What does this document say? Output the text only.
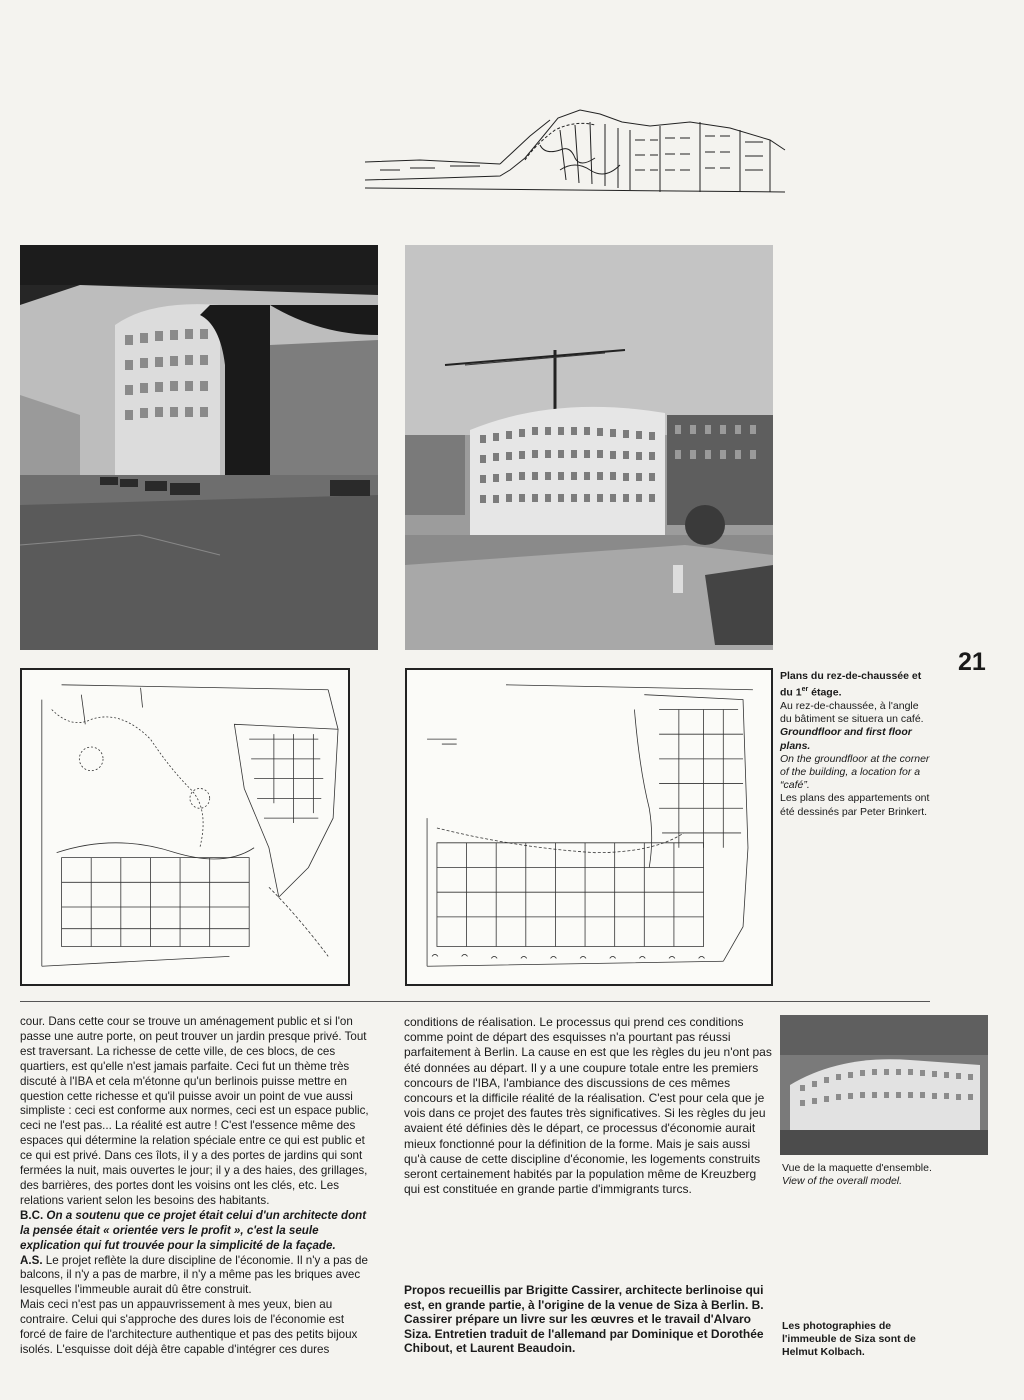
21
Plans du rez-de-chaussée et du 1er étage.
Au rez-de-chaussée, à l'angle du bâtiment se situera un café.
Groundfloor and first floor plans.
On the groundfloor at the corner of the building, a location for a “café”.
Les plans des appartements ont été dessinés par Peter Brinkert.

cour. Dans cette cour se trouve un aménagement public et si l'on passe une autre porte, on peut trouver un jardin presque privé. Tout est traversant. La richesse de cette ville, de ces blocs, de ces quartiers, est qu'elle n'est jamais parfaite. Ceci fut un thème très discuté à l'IBA et cela m'étonne qu'un berlinois puisse mettre en question cette richesse et qu'il puisse avoir un point de vue aussi simpliste : ceci est conforme aux normes, ceci est un espace public, ceci ne l'est pas... La réalité est autre ! C'est l'essence même des espaces qui détermine la relation spéciale entre ce qui est public et ce qui est privé. Dans ces îlots, il y a des portes de jardins qui sont fermées la nuit, mais ouvertes le jour; il y a des haies, des grillages, des barrières, des portes dont les voisins ont les clés, etc. Les relations varient selon les besoins des habitants.

B.C. On a soutenu que ce projet était celui d'un architecte dont la pensée était « orientée vers le profit », c'est la seule explication qui fut trouvée pour la simplicité de la façade.

A.S. Le projet reflète la dure discipline de l'économie. Il n'y a pas de balcons, il n'y a pas de marbre, il n'y a même pas les briques avec lesquelles l'immeuble aurait dû être construit.

Mais ceci n'est pas un appauvrissement à mes yeux, bien au contraire. Celui qui s'approche des dures lois de l'économie est forcé de faire de l'architecture authentique et pas des petits bijoux isolés. L'esquisse doit déjà être capable d'intégrer ces dures

conditions de réalisation. Le processus qui prend ces conditions comme point de départ des esquisses n'a pourtant pas réussi parfaitement à Berlin. La cause en est que les règles du jeu n'ont pas été données au départ. Il y a une coupure totale entre les premiers concours de l'IBA, l'ambiance des discussions de ces mêmes concours et la difficile réalité de la réalisation. C'est pour cela que je vois dans ce projet des fautes très significatives. Si les règles du jeu avaient été définies dès le départ, ce processus d'économie aurait mieux fonctionné pour la définition de la forme. Mais je sais aussi qu'à cause de cette discipline d'économie, les logements construits seront certainement habités par la population même de Kreuzberg qui est constituée en grande partie d'immigrants turcs.

Vue de la maquette d'ensemble.
View of the overall model.
Propos recueillis par Brigitte Cassirer, architecte berlinoise qui est, en grande partie, à l'origine de la venue de Siza à Berlin. B. Cassirer prépare un livre sur les œuvres et le travail d'Alvaro Siza. Entretien traduit de l'allemand par Dominique et Dorothée Chibout, et Laurent Beaudoin.
Les photographies de l'immeuble de Siza sont de Helmut Kolbach.
